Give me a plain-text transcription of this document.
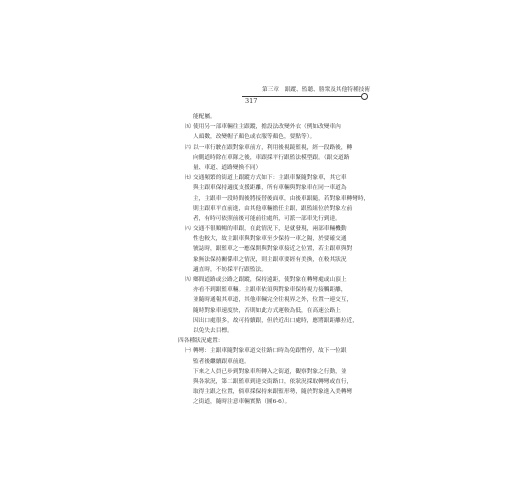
第三章　跟蹤、監聽、勝衆及其他特種技術
317
能配屬。
㈤ 使用另一部車輛往主跟蹤，擔設法改變外衣（例如改變車內
人頭數，改變帽子顏色或衣服等顏色，要點等）。
㈥ 以一車行駛在跟對象車前方，利用後視鏡監視，經一段路後，轉
向側道時除在車隊之後，車跟採平行跟監法模型跟。（跟交道路
量、車道、道路變換不同）
㈦ 交通頻繁的街道上跟蹤方式如下：主跟車緊隨對象車，其它車
與主跟車保持適度支援距離，所有車輛與對象車在同一車道為
主，主跟車一段時間後將接替後面車，由後車跟隨，若對象車轉彎時，
則主跟車平直前進，由其他車輛擔任主跟，跟監組位於對象左前
者，有時可依照前後可能前往處所，可派一部車先行到達。
㈧ 交通不很順暢的車跟，在此情況下，是就發現，兩部車輛機動
性也較大，故主跟車與對象車至少保持一車之隔，於要確交通
號誌時，跟監車之一應保開與對象車接近之位置，若主跟車與對
象無法保持關係車之情況，則主跟車要經有美換，在較其狀況
適直時，不妨採平行跟監法。
㈨ 鄉間道路或公路之跟蹤，保持遠距，使對象在轉彎處或山頂上
亦看不到跟監車輛。主跟車依須與對象車保持視力接觸距離，
並隨時通報其車道，其他車輛完全往視界之外，位置一連交互，
隨時對象車速度快，否則如此方式運較為低，在高速公路上
因出口處很多，故可持續跟，但於近出口處時，應將跟距離拉近，
以免失去目標。
四各種狀況處置：
㈠ 轉彎：主跟車隨對象車道交往路口時為免跟暫停，故下一位跟
監者後繼續跟車前進。
下來之人員已步到對象車所轉入之街道，觀察對象之行動，並
與各狀況，第二跟監車到達交街路口，依狀況採取轉彎或直行，
取得主跟之位置，倘車採保持來跟監形勢，隨於對象進入美轉彎
之街道，隨時注意車輛實點（圖6-6）。
